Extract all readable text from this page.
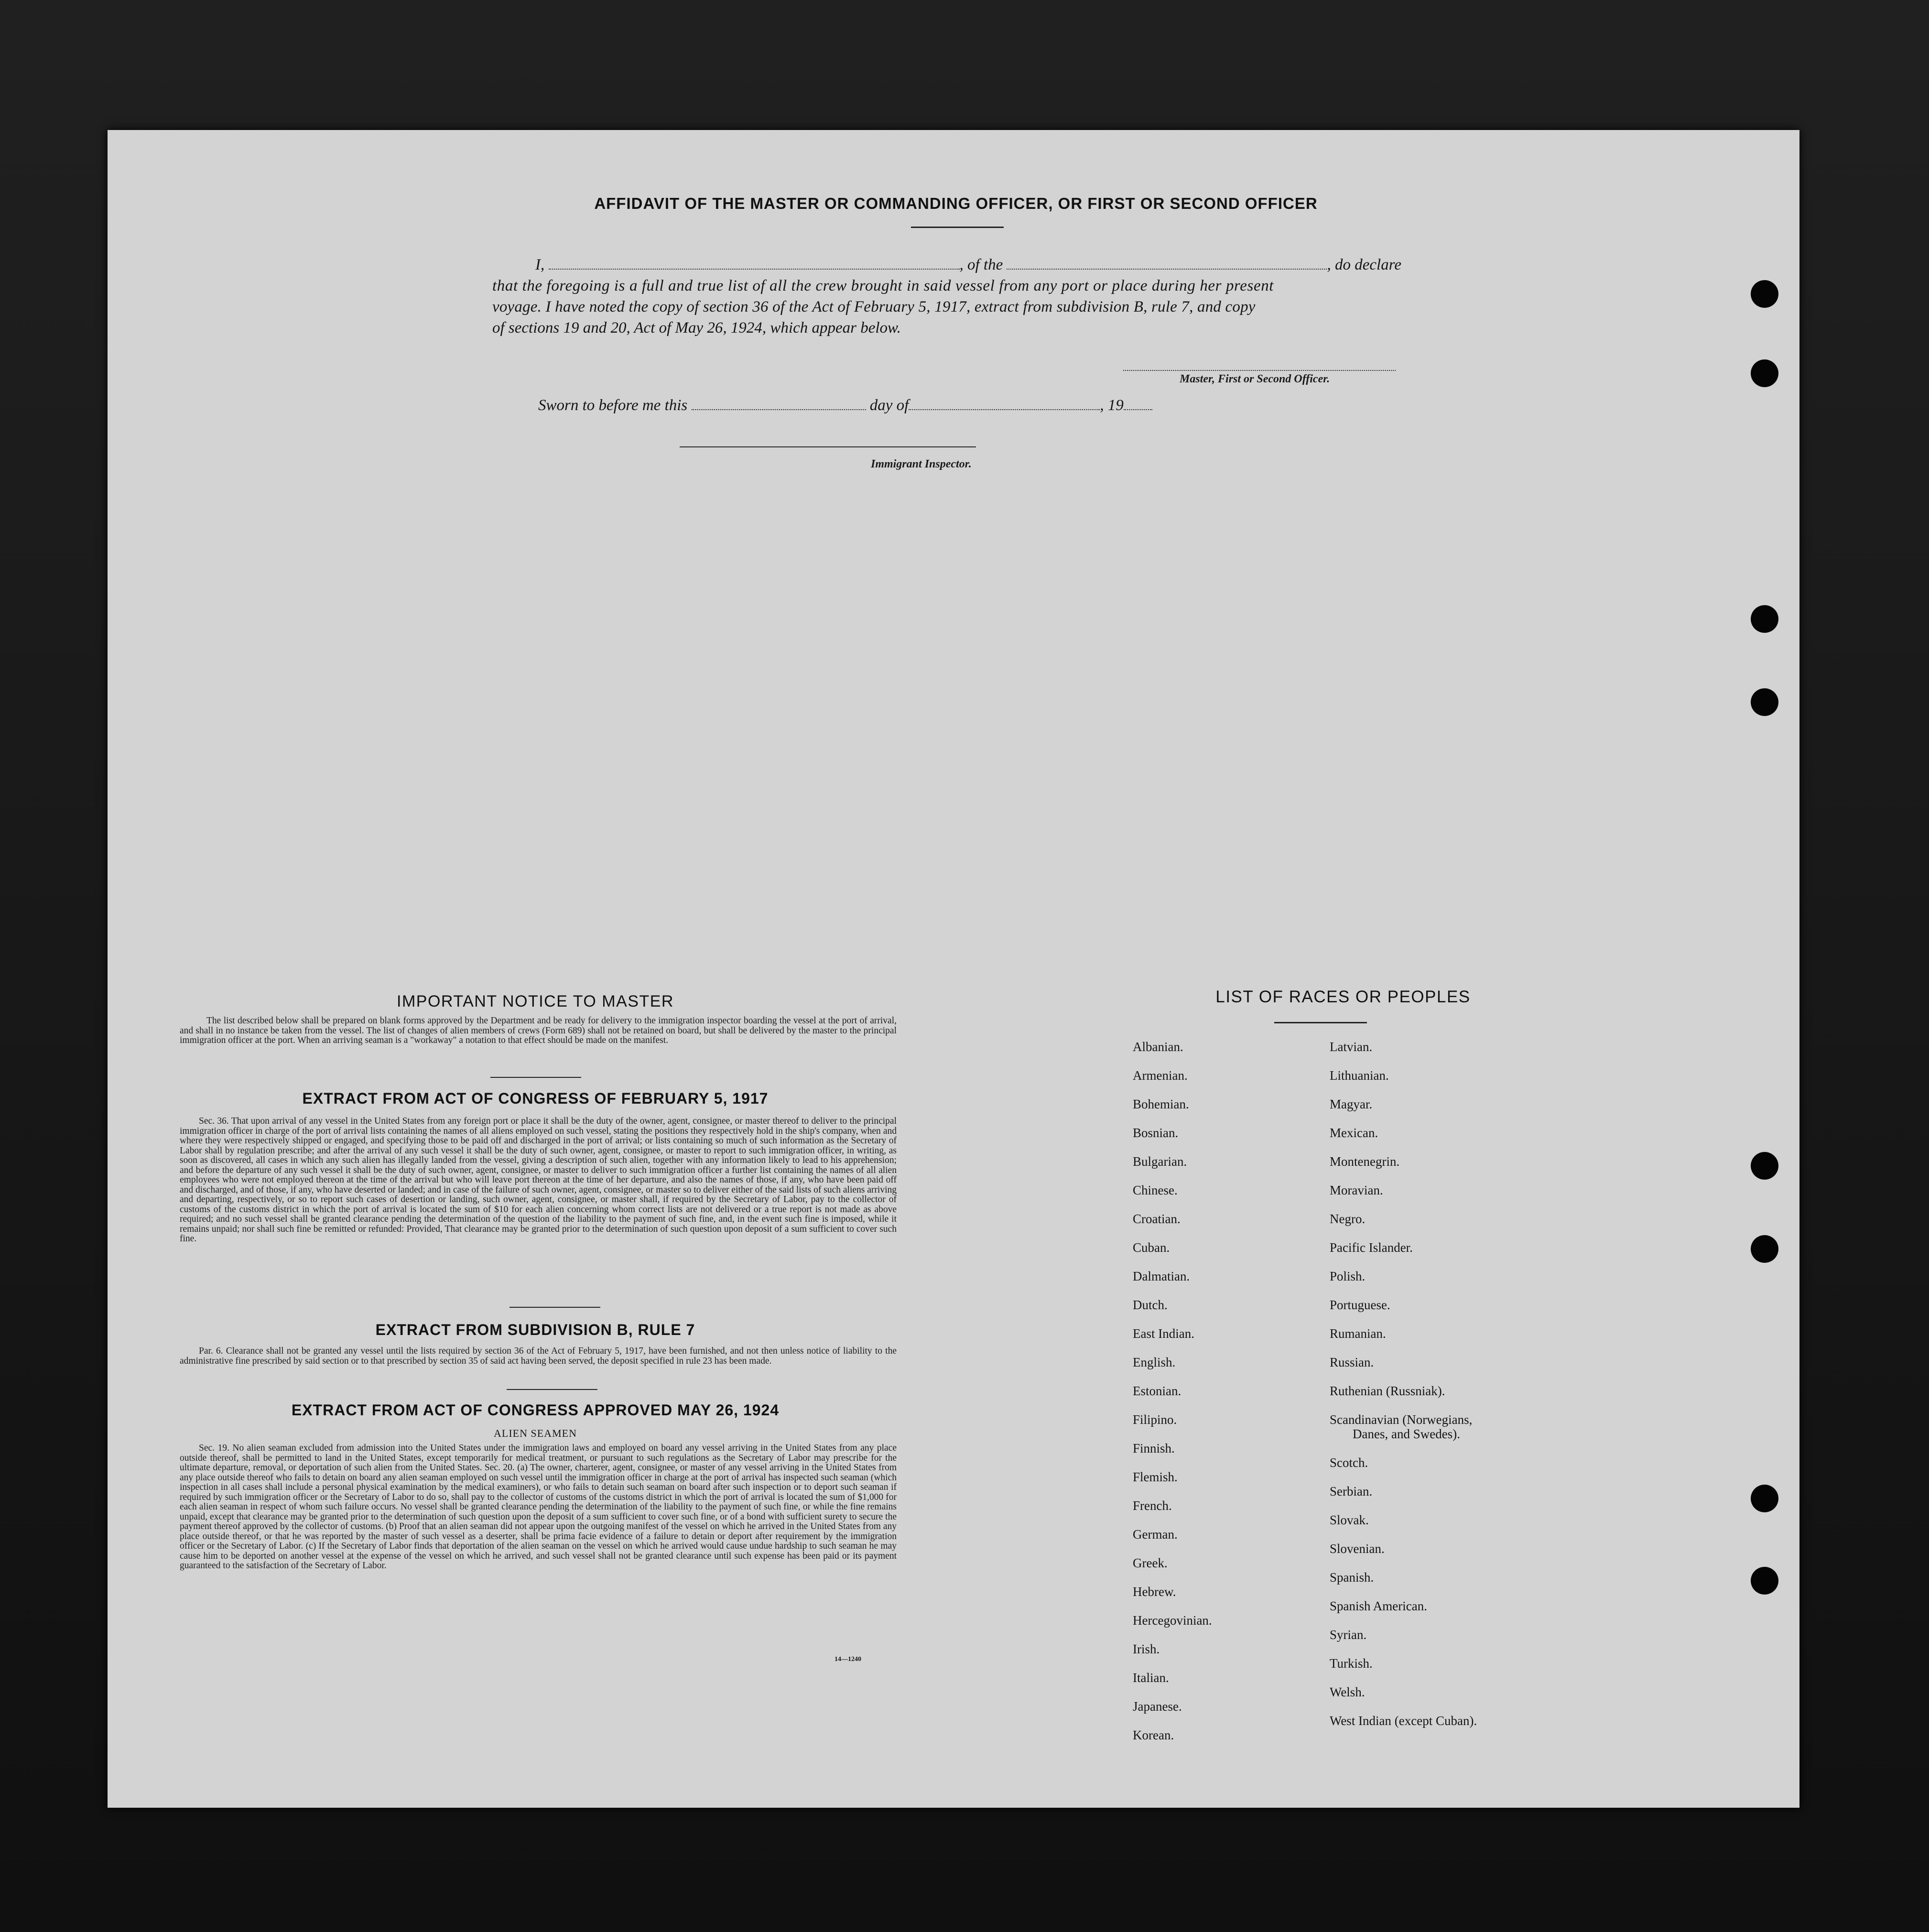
AFFIDAVIT OF THE MASTER OR COMMANDING OFFICER, OR FIRST OR SECOND OFFICER
I,	, of the	, do declare
that the foregoing is a full and true list of all the crew brought in said vessel from any port or place during her present
voyage. I have noted the copy of section 36 of the Act of February 5, 1917, extract from subdivision B, rule 7, and copy
of sections 19 and 20, Act of May 26, 1924, which appear below.
Master, First or Second Officer.
Sworn to before me this	day of	, 19
Immigrant Inspector.
IMPORTANT NOTICE TO MASTER
The list described below shall be prepared on blank forms approved by the Department and be ready for delivery to the immigration inspector boarding the vessel at the port of arrival, and shall in no instance be taken from the vessel. The list of changes of alien members of crews (Form 689) shall not be retained on board, but shall be delivered by the master to the principal immigration officer at the port. When an arriving seaman is a "workaway" a notation to that effect should be made on the manifest.
EXTRACT FROM ACT OF CONGRESS OF FEBRUARY 5, 1917
Sec. 36. That upon arrival of any vessel in the United States from any foreign port or place it shall be the duty of the owner, agent, consignee, or master thereof to deliver to the principal immigration officer in charge of the port of arrival lists containing the names of all aliens employed on such vessel, stating the positions they respectively hold in the ship's company, when and where they were respectively shipped or engaged, and specifying those to be paid off and discharged in the port of arrival; or lists containing so much of such information as the Secretary of Labor shall by regulation prescribe; and after the arrival of any such vessel it shall be the duty of such owner, agent, consignee, or master to report to such immigration officer, in writing, as soon as discovered, all cases in which any such alien has illegally landed from the vessel, giving a description of such alien, together with any information likely to lead to his apprehension; and before the departure of any such vessel it shall be the duty of such owner, agent, consignee, or master to deliver to such immigration officer a further list containing the names of all alien employees who were not employed thereon at the time of the arrival but who will leave port thereon at the time of her departure, and also the names of those, if any, who have been paid off and discharged, and of those, if any, who have deserted or landed; and in case of the failure of such owner, agent, consignee, or master so to deliver either of the said lists of such aliens arriving and departing, respectively, or so to report such cases of desertion or landing, such owner, agent, consignee, or master shall, if required by the Secretary of Labor, pay to the collector of customs of the customs district in which the port of arrival is located the sum of $10 for each alien concerning whom correct lists are not delivered or a true report is not made as above required; and no such vessel shall be granted clearance pending the determination of the question of the liability to the payment of such fine, and, in the event such fine is imposed, while it remains unpaid; nor shall such fine be remitted or refunded: Provided, That clearance may be granted prior to the determination of such question upon deposit of a sum sufficient to cover such fine.
EXTRACT FROM SUBDIVISION B, RULE 7
Par. 6. Clearance shall not be granted any vessel until the lists required by section 36 of the Act of February 5, 1917, have been furnished, and not then unless notice of liability to the administrative fine prescribed by said section or to that prescribed by section 35 of said act having been served, the deposit specified in rule 23 has been made.
EXTRACT FROM ACT OF CONGRESS APPROVED MAY 26, 1924
ALIEN SEAMEN
Sec. 19. No alien seaman excluded from admission into the United States under the immigration laws and employed on board any vessel arriving in the United States from any place outside thereof, shall be permitted to land in the United States, except temporarily for medical treatment, or pursuant to such regulations as the Secretary of Labor may prescribe for the ultimate departure, removal, or deportation of such alien from the United States. Sec. 20. (a) The owner, charterer, agent, consignee, or master of any vessel arriving in the United States from any place outside thereof who fails to detain on board any alien seaman employed on such vessel until the immigration officer in charge at the port of arrival has inspected such seaman (which inspection in all cases shall include a personal physical examination by the medical examiners), or who fails to detain such seaman on board after such inspection or to deport such seaman if required by such immigration officer or the Secretary of Labor to do so, shall pay to the collector of customs of the customs district in which the port of arrival is located the sum of $1,000 for each alien seaman in respect of whom such failure occurs. No vessel shall be granted clearance pending the determination of the liability to the payment of such fine, or while the fine remains unpaid, except that clearance may be granted prior to the determination of such question upon the deposit of a sum sufficient to cover such fine, or of a bond with sufficient surety to secure the payment thereof approved by the collector of customs. (b) Proof that an alien seaman did not appear upon the outgoing manifest of the vessel on which he arrived in the United States from any place outside thereof, or that he was reported by the master of such vessel as a deserter, shall be prima facie evidence of a failure to detain or deport after requirement by the immigration officer or the Secretary of Labor. (c) If the Secretary of Labor finds that deportation of the alien seaman on the vessel on which he arrived would cause undue hardship to such seaman he may cause him to be deported on another vessel at the expense of the vessel on which he arrived, and such vessel shall not be granted clearance until such expense has been paid or its payment guaranteed to the satisfaction of the Secretary of Labor.
14—1240
LIST OF RACES OR PEOPLES
Albanian.
Armenian.
Bohemian.
Bosnian.
Bulgarian.
Chinese.
Croatian.
Cuban.
Dalmatian.
Dutch.
East Indian.
English.
Estonian.
Filipino.
Finnish.
Flemish.
French.
German.
Greek.
Hebrew.
Hercegovinian.
Irish.
Italian.
Japanese.
Korean.
Latvian.
Lithuanian.
Magyar.
Mexican.
Montenegrin.
Moravian.
Negro.
Pacific Islander.
Polish.
Portuguese.
Rumanian.
Russian.
Ruthenian (Russniak).
Scandinavian (Norwegians,
Danes, and Swedes).
Scotch.
Serbian.
Slovak.
Slovenian.
Spanish.
Spanish American.
Syrian.
Turkish.
Welsh.
West Indian (except Cuban).
